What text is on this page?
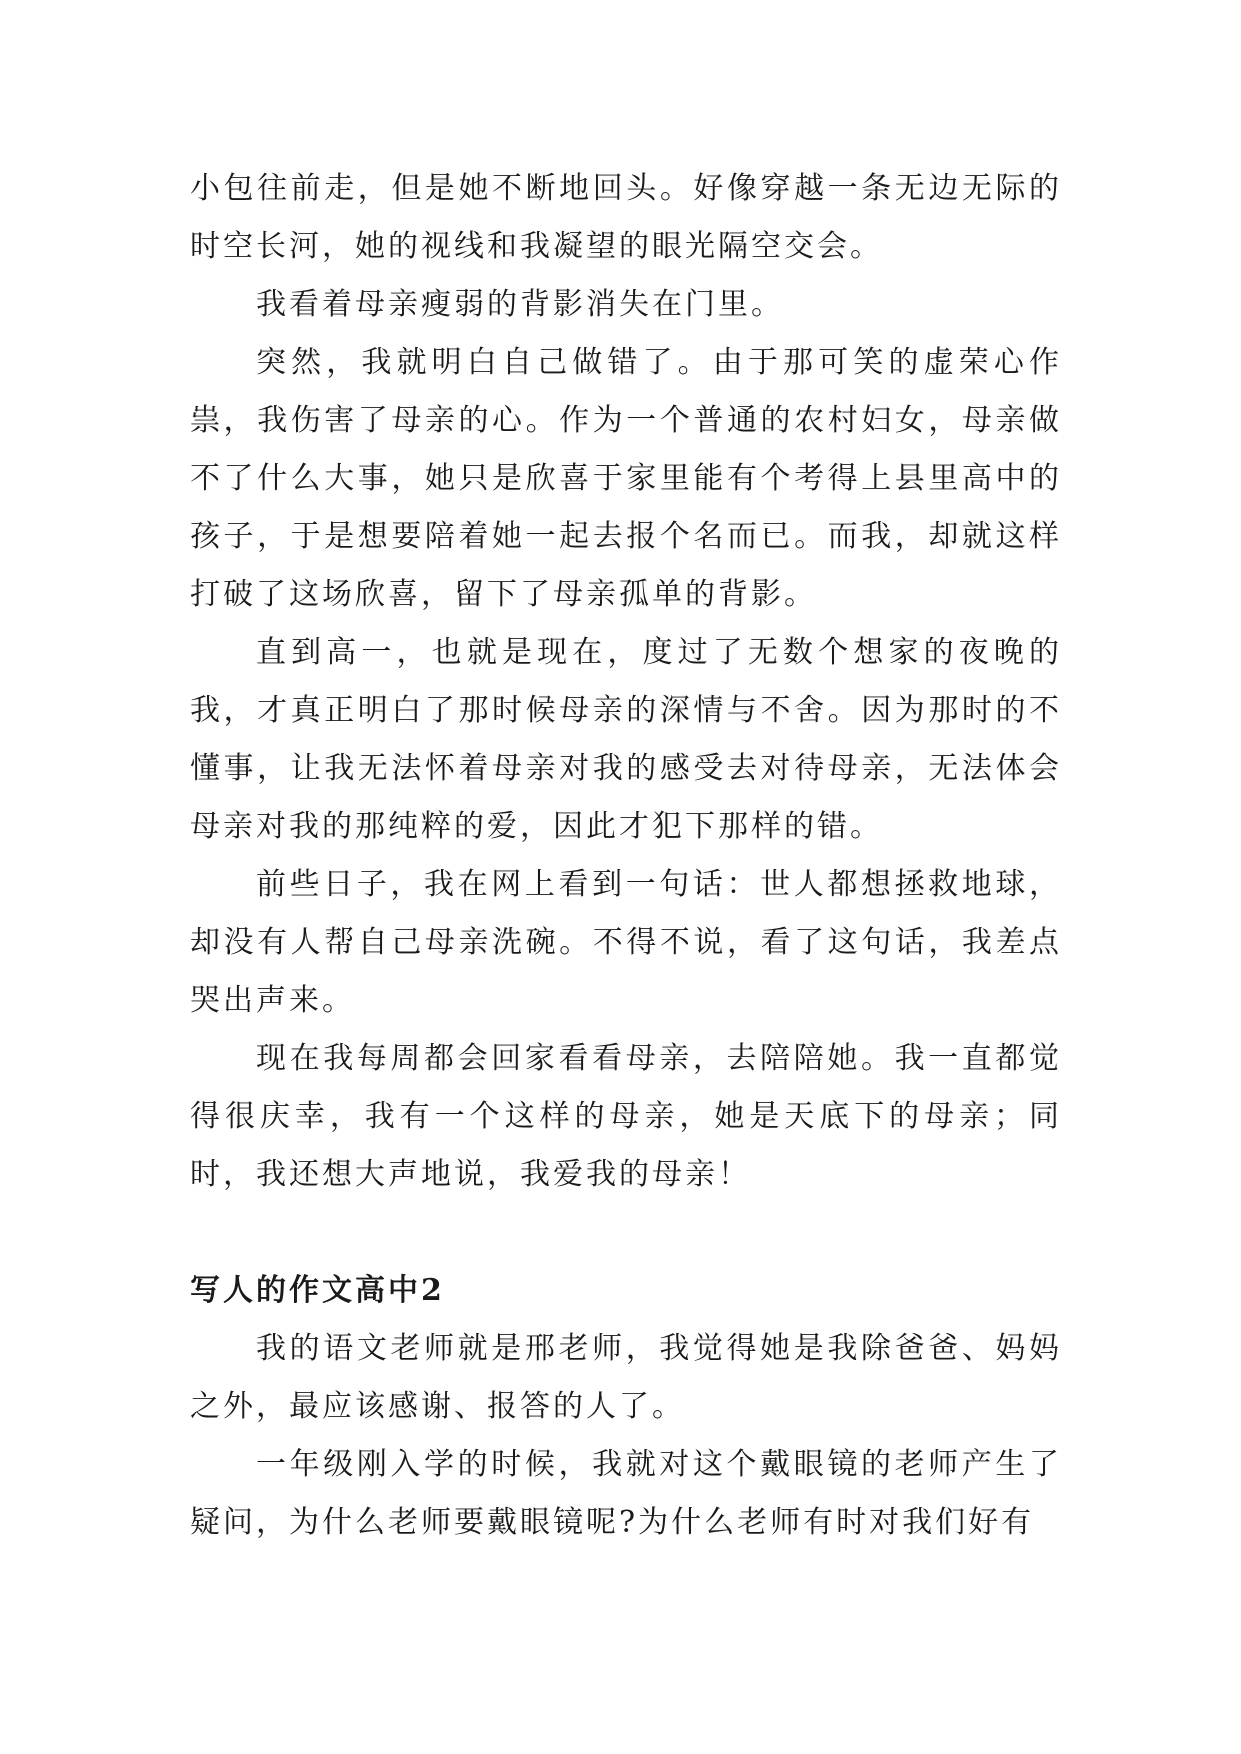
小包往前走，但是她不断地回头。好像穿越一条无边无际的时空长河，她的视线和我凝望的眼光隔空交会。

我看着母亲瘦弱的背影消失在门里。

突然，我就明白自己做错了。由于那可笑的虚荣心作祟，我伤害了母亲的心。作为一个普通的农村妇女，母亲做不了什么大事，她只是欣喜于家里能有个考得上县里高中的孩子，于是想要陪着她一起去报个名而已。而我，却就这样打破了这场欣喜，留下了母亲孤单的背影。

直到高一，也就是现在，度过了无数个想家的夜晚的我，才真正明白了那时候母亲的深情与不舍。因为那时的不懂事，让我无法怀着母亲对我的感受去对待母亲，无法体会母亲对我的那纯粹的爱，因此才犯下那样的错。

前些日子，我在网上看到一句话：世人都想拯救地球，却没有人帮自己母亲洗碗。不得不说，看了这句话，我差点哭出声来。

现在我每周都会回家看看母亲，去陪陪她。我一直都觉得很庆幸，我有一个这样的母亲，她是天底下的母亲；同时，我还想大声地说，我爱我的母亲！

写人的作文高中2

我的语文老师就是邢老师，我觉得她是我除爸爸、妈妈之外，最应该感谢、报答的人了。

一年级刚入学的时候，我就对这个戴眼镜的老师产生了疑问，为什么老师要戴眼镜呢?为什么老师有时对我们好有
